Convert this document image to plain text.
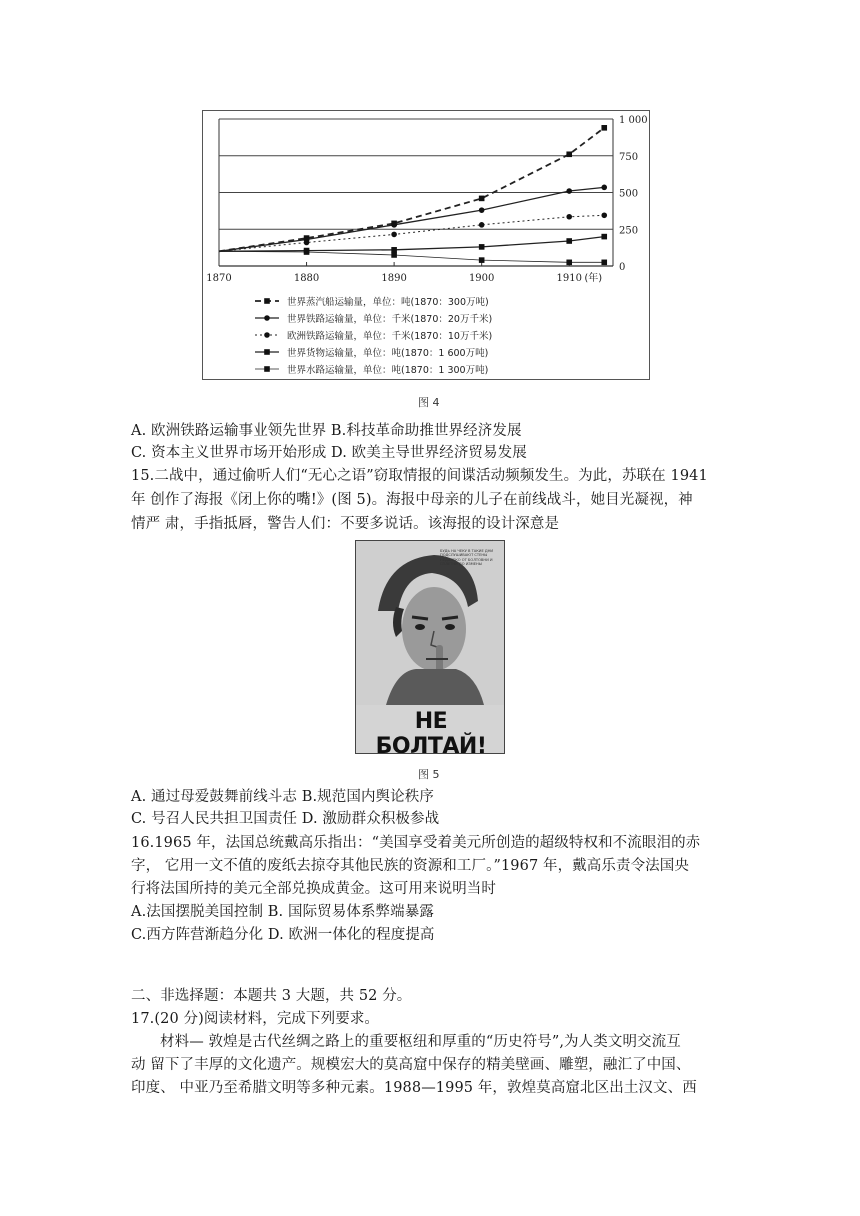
0
250
500
750
1 000
1870	1880	1890	1900	1910 (年)
世界蒸汽船运输量，单位：吨(1870：300万吨)
世界铁路运输量，单位：千米(1870：20万千米)
欧洲铁路运输量，单位：千米(1870：10万千米)
世界货物运输量，单位：吨(1870：1 600万吨)
世界水路运输量，单位：吨(1870：1 300万吨)
图 4
A. 欧洲铁路运输事业领先世界 B.科技革命助推世界经济发展
C. 资本主义世界市场开始形成 D. 欧美主导世界经济贸易发展
15.二战中，通过偷听人们“无心之语”窃取情报的间谍活动频频发生。为此，苏联在 1941
年 创作了海报《闭上你的嘴!》(图 5)。海报中母亲的儿子在前线战斗，她目光凝视，神
情严 肃，手指抵唇，警告人们：不要多说话。该海报的设计深意是
БУДЬ НА ЧЕКУ В ТАКИЕ ДНИ ПОДСЛУШИВАЮТ СТЕНЫ НЕДАЛЕКО ОТ БОЛТОВНИ И СПЛЕТНИ ДО ИЗМЕНЫ
НЕ БОЛТАЙ!
图 5
A. 通过母爱鼓舞前线斗志 B.规范国内舆论秩序
C. 号召人民共担卫国责任 D. 激励群众积极参战
16.1965 年，法国总统戴高乐指出：“美国享受着美元所创造的超级特权和不流眼泪的赤
字， 它用一文不值的废纸去掠夺其他民族的资源和工厂。”1967 年，戴高乐责令法国央
行将法国所持的美元全部兑换成黄金。这可用来说明当时
A.法国摆脱美国控制 B. 国际贸易体系弊端暴露
C.西方阵营渐趋分化 D. 欧洲一体化的程度提高
二、非选择题：本题共 3 大题，共 52 分。
17.(20 分)阅读材料，完成下列要求。
材料— 敦煌是古代丝绸之路上的重要枢纽和厚重的“历史符号”,为人类文明交流互
动 留下了丰厚的文化遗产。规模宏大的莫高窟中保存的精美壁画、雕塑，融汇了中国、
印度、 中亚乃至希腊文明等多种元素。1988—1995 年，敦煌莫高窟北区出土汉文、西
